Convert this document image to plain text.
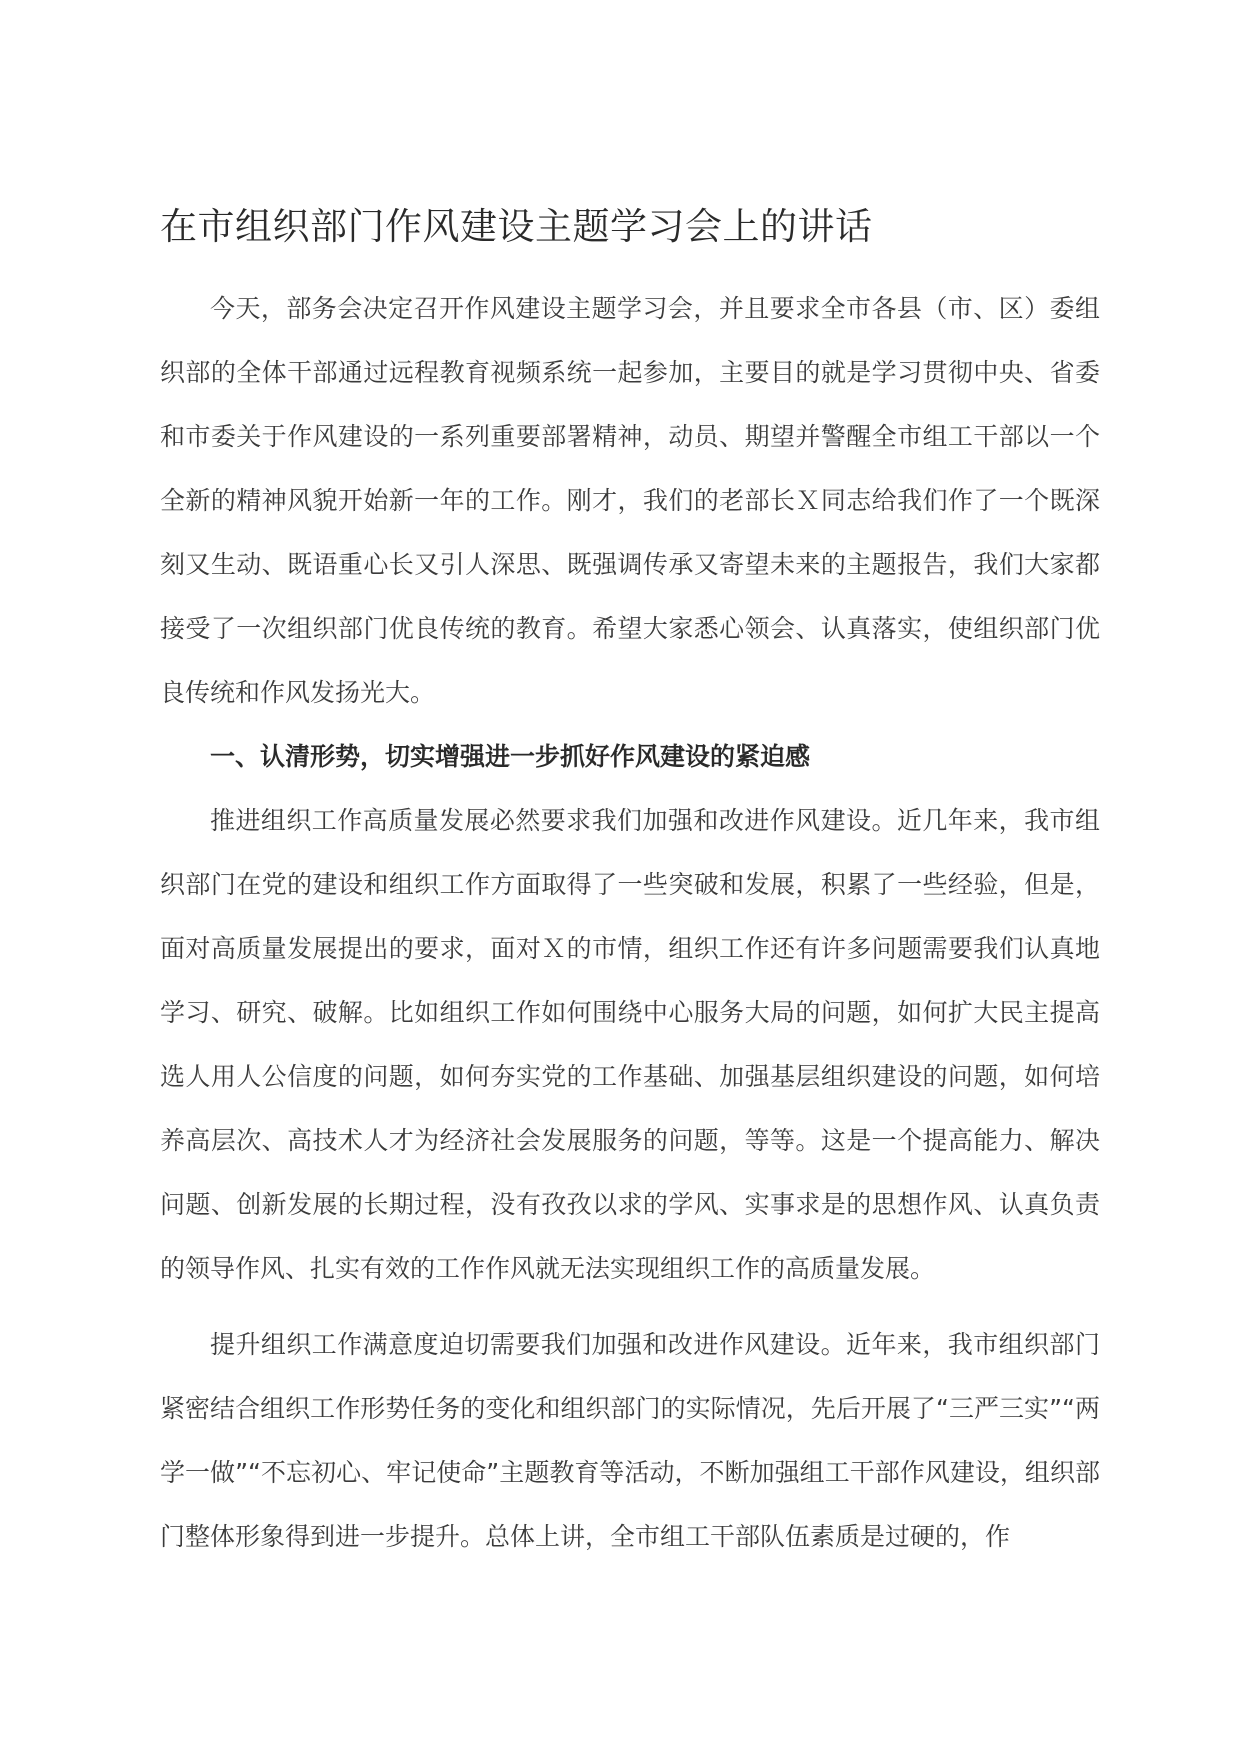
在市组织部门作风建设主题学习会上的讲话

今天，部务会决定召开作风建设主题学习会，并且要求全市各县（市、区）委组织部的全体干部通过远程教育视频系统一起参加，主要目的就是学习贯彻中央、省委和市委关于作风建设的一系列重要部署精神，动员、期望并警醒全市组工干部以一个全新的精神风貌开始新一年的工作。刚才，我们的老部长Ｘ同志给我们作了一个既深刻又生动、既语重心长又引人深思、既强调传承又寄望未来的主题报告，我们大家都接受了一次组织部门优良传统的教育。希望大家悉心领会、认真落实，使组织部门优良传统和作风发扬光大。

一、认清形势，切实增强进一步抓好作风建设的紧迫感

推进组织工作高质量发展必然要求我们加强和改进作风建设。近几年来，我市组织部门在党的建设和组织工作方面取得了一些突破和发展，积累了一些经验，但是，面对高质量发展提出的要求，面对Ｘ的市情，组织工作还有许多问题需要我们认真地学习、研究、破解。比如组织工作如何围绕中心服务大局的问题，如何扩大民主提高选人用人公信度的问题，如何夯实党的工作基础、加强基层组织建设的问题，如何培养高层次、高技术人才为经济社会发展服务的问题，等等。这是一个提高能力、解决问题、创新发展的长期过程，没有孜孜以求的学风、实事求是的思想作风、认真负责的领导作风、扎实有效的工作作风就无法实现组织工作的高质量发展。

提升组织工作满意度迫切需要我们加强和改进作风建设。近年来，我市组织部门紧密结合组织工作形势任务的变化和组织部门的实际情况，先后开展了“三严三实”“两学一做”“不忘初心、牢记使命”主题教育等活动，不断加强组工干部作风建设，组织部门整体形象得到进一步提升。总体上讲，全市组工干部队伍素质是过硬的，作
